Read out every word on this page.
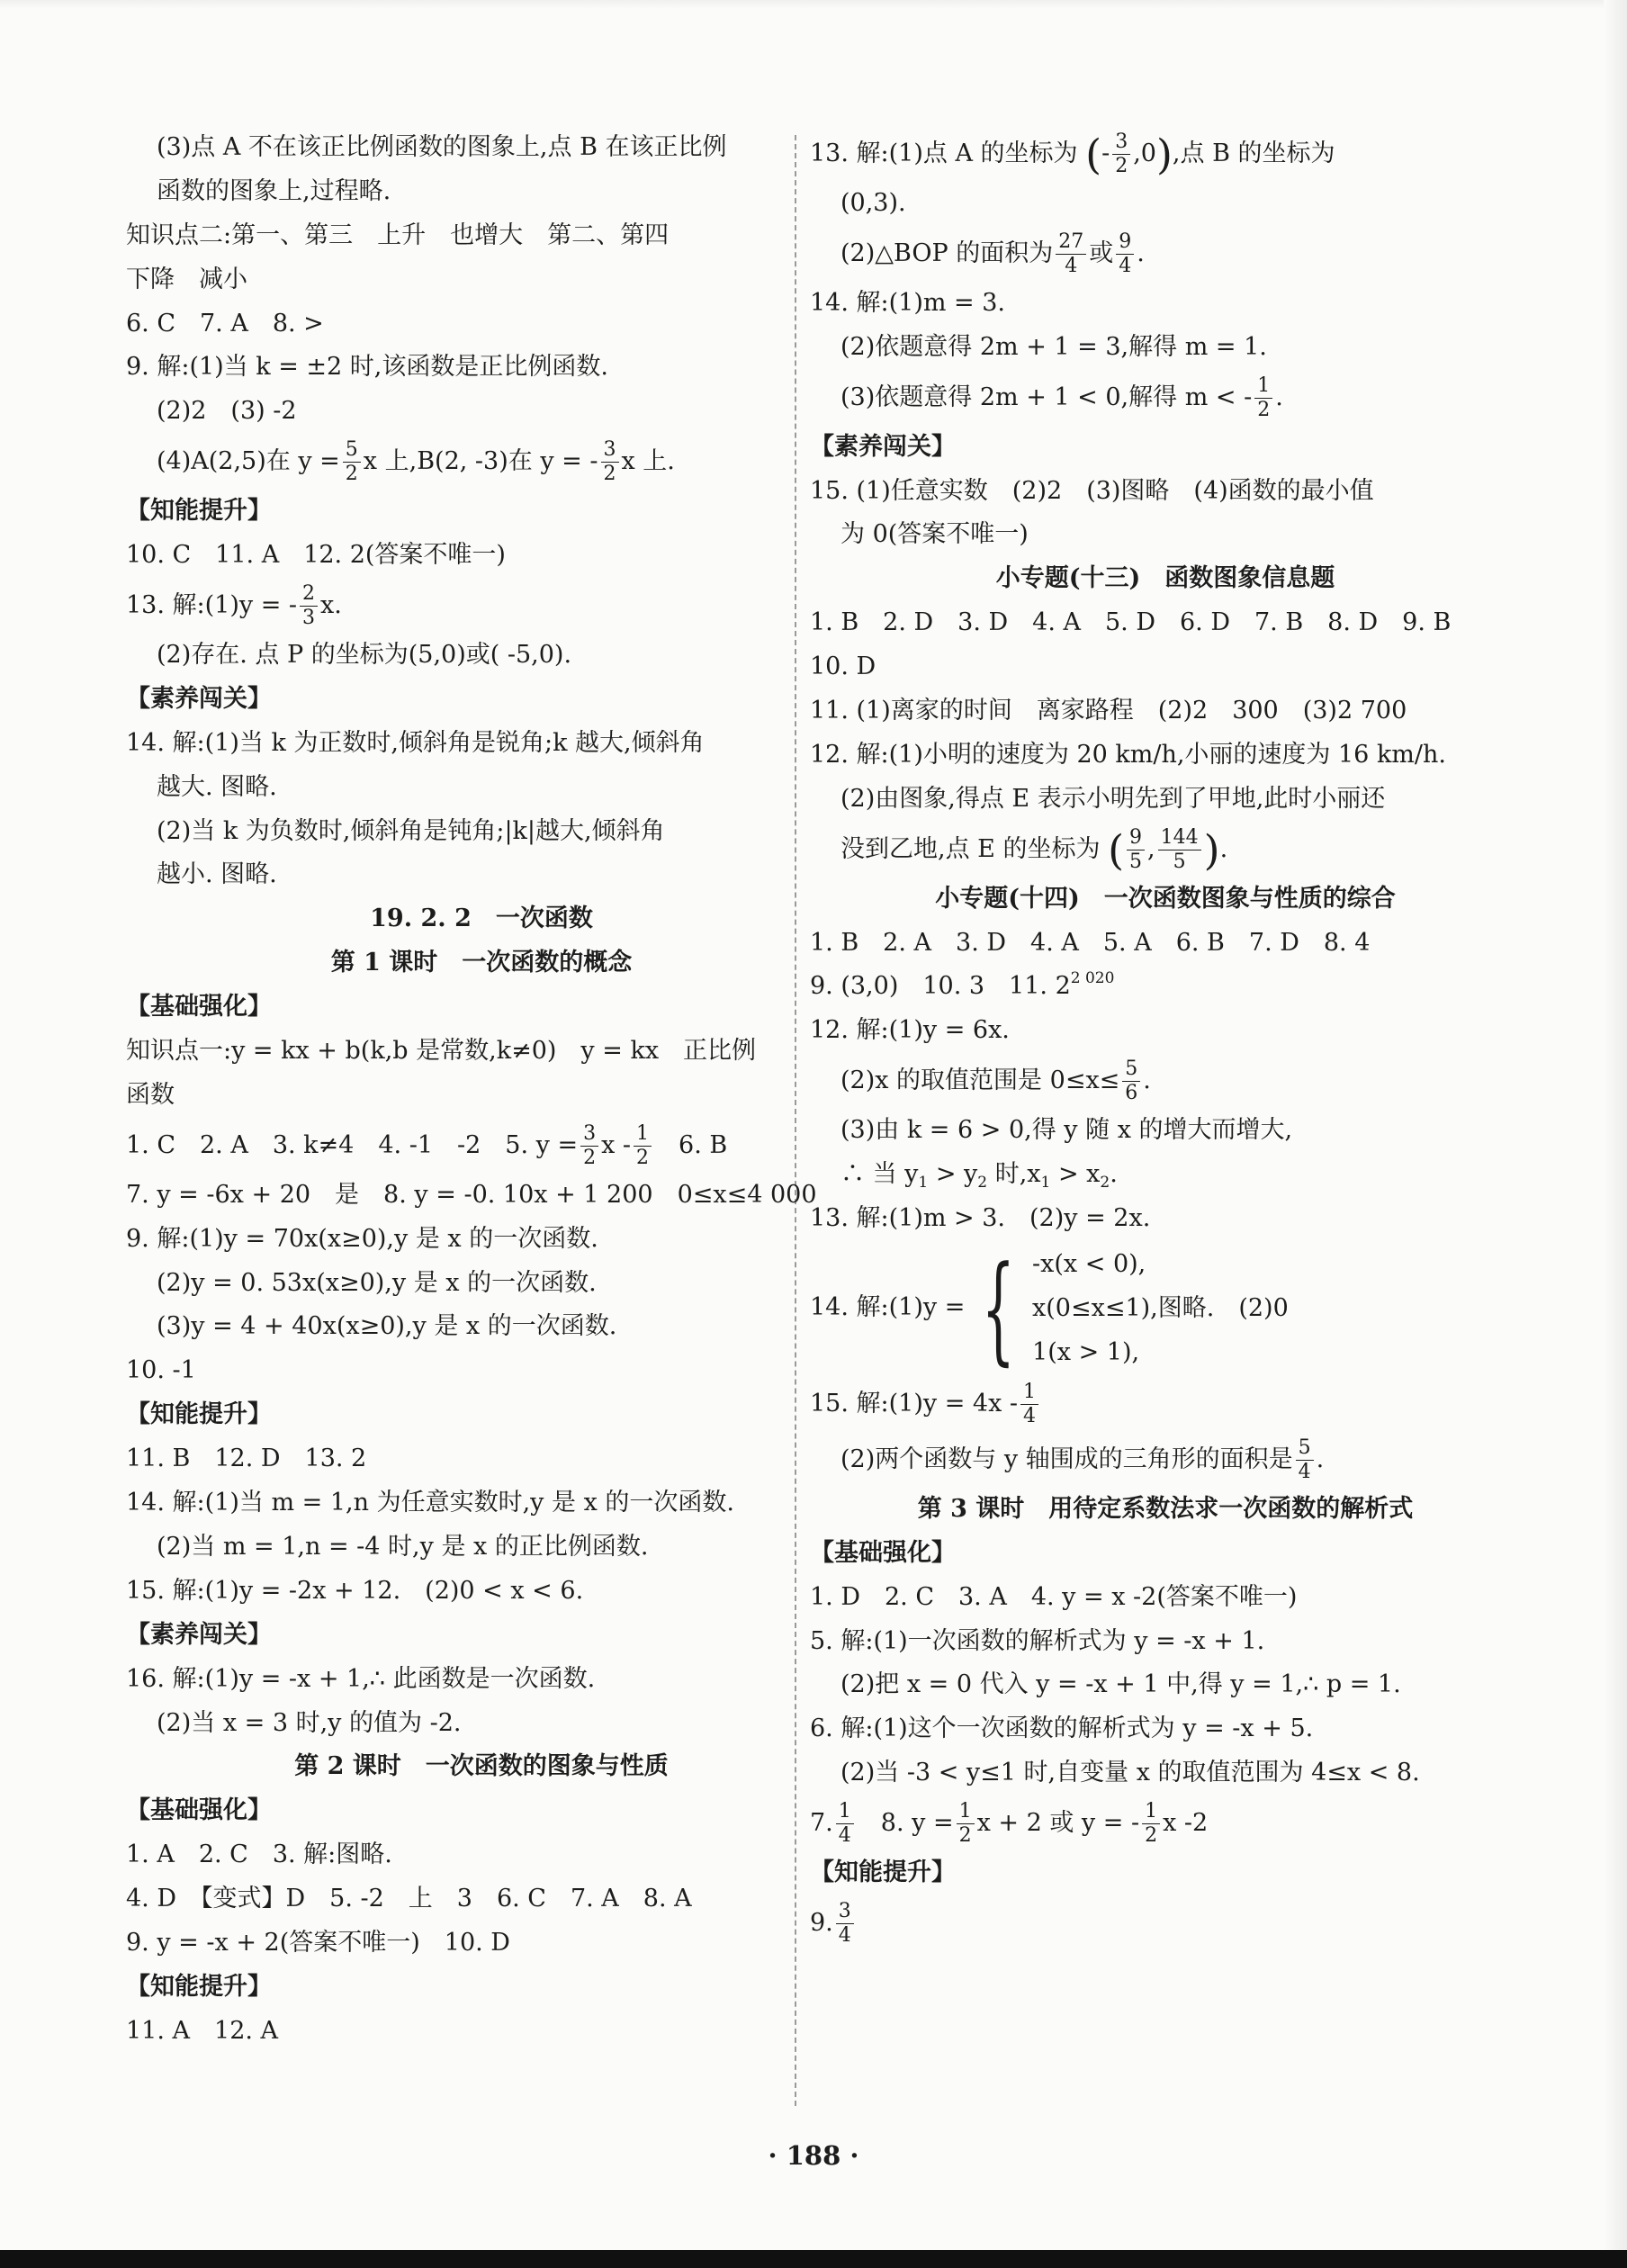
(3)点 A 不在该正比例函数的图象上,点 B 在该正比例
函数的图象上,过程略.
知识点二:第一、第三　上升　也增大　第二、第四
下降　减小
6. C　7. A　8. >
9. 解:(1)当 k = ±2 时,该函数是正比例函数.
(2)2　(3) -2
(4)A(2,5)在 $y = \frac{5}{2}$ x 上,B(2, -3)在 y = - $\frac{3}{2}$ x 上.
【知能提升】
10. C　11. A　12. 2(答案不唯一)
13. 解:(1)y = - $\frac{2}{3} x$.
(2)存在. 点 P 的坐标为(5,0)或( -5,0).
【素养闯关】
14. 解:(1)当 k 为正数时,倾斜角是锐角;k 越大,倾斜角
越大. 图略.
(2)当 k 为负数时,倾斜角是钝角;|k|越大,倾斜角
越小. 图略.
19. 2. 2　一次函数
第 1 课时　一次函数的概念
【基础强化】
知识点一:y = kx + b(k,b 是常数,k≠0)　y = kx　正比例
函数
1. C　2. A　3. k≠4　4. -1　-2　5. $y = \frac{3}{2}$ x - $\frac{1}{2}$
　 6. B
7. y = -6x + 20　是　8. y = -0. 10x + 1 200　0≤x≤4 000
9. 解:(1)y = 70x(x≥0),y 是 x 的一次函数.
(2)y = 0. 53x(x≥0),y 是 x 的一次函数.
(3)y = 4 + 40x(x≥0),y 是 x 的一次函数.
10. -1
【知能提升】
11. B　12. D　13. 2
14. 解:(1)当 m = 1,n 为任意实数时,y 是 x 的一次函数.
(2)当 m = 1,n = -4 时,y 是 x 的正比例函数.
15. 解:(1)y = -2x + 12.　(2)0 < x < 6.
【素养闯关】
16. 解:(1)y = -x + 1,∴ 此函数是一次函数.
(2)当 x = 3 时,y 的值为 -2.
第 2 课时　一次函数的图象与性质
【基础强化】
1. A　2. C　3. 解:图略.
4. D　【变式】D　5. -2　上　3　6. C　7. A　8. A
9. y = -x + 2(答案不唯一)　10. D
【知能提升】
11. A　12. A
13. 解:(1)点 A 的坐标为 (- $\frac{3}{2} ,0$),点 B 的坐标为
(0,3).
(2)△BOP 的面积为 $\frac{27}{4}$ 或 $\frac{9}{4}$ .
14. 解:(1)m = 3.
(2)依题意得 2m + 1 = 3,解得 m = 1.
(3)依题意得 2m + 1 < 0,解得 m < - $\frac{1}{2}$ .
【素养闯关】
15. (1)任意实数　(2)2　(3)图略　(4)函数的最小值
为 0(答案不唯一)
小专题(十三)　函数图象信息题
1. B　2. D　3. D　4. A　5. D　6. D　7. B　8. D　9. B
10. D
11. (1)离家的时间　离家路程　(2)2　300　(3)2 700
12. 解:(1)小明的速度为 20 km/h,小丽的速度为 16 km/h.
(2)由图象,得点 E 表示小明先到了甲地,此时小丽还
没到乙地,点 E 的坐标为 ( $\frac{9}{5}$ , $\frac{144}{5}$ ).
小专题(十四)　一次函数图象与性质的综合
1. B　2. A　3. D　4. A　5. A　6. B　7. D　8. 4
9. (3,0)　10. 3　11. $2^{2 020}$
12. 解:(1)y = 6x.
(2)x 的取值范围是 $0\le x\le \frac{5}{6}$ .
(3)由 k = 6 > 0,得 y 随 x 的增大而增大,
∴ 当 $y_1 > y_2$ 时$,x_1 > x_2$.
13. 解:(1)m > 3.　(2)y = 2x.
14. 解:(1)y = { -x(x < 0),
x(0≤x≤1),图略.　(2)0
1(x > 1),
15. 解:(1)y = $4x - \frac{1}{4}$
(2)两个函数与 y 轴围成的三角形的面积是 $\frac{5}{4}$ .
第 3 课时　用待定系数法求一次函数的解析式
【基础强化】
1. D　2. C　3. A　4. y = x -2(答案不唯一)
5. 解:(1)一次函数的解析式为 y = -x + 1.
(2)把 x = 0 代入 y = -x + 1 中,得 y = 1,∴ p = 1.
6. 解:(1)这个一次函数的解析式为 y = -x + 5.
(2)当 -3 < y≤1 时,自变量 x 的取值范围为 4≤x < 8.
7. $\frac{1}{4}$ 　8. $y = \frac{1}{2}$ x + 2 或 y = - $\frac{1}{2}$ x -2
【知能提升】
9. $\frac{3}{4}$
· 188 ·
